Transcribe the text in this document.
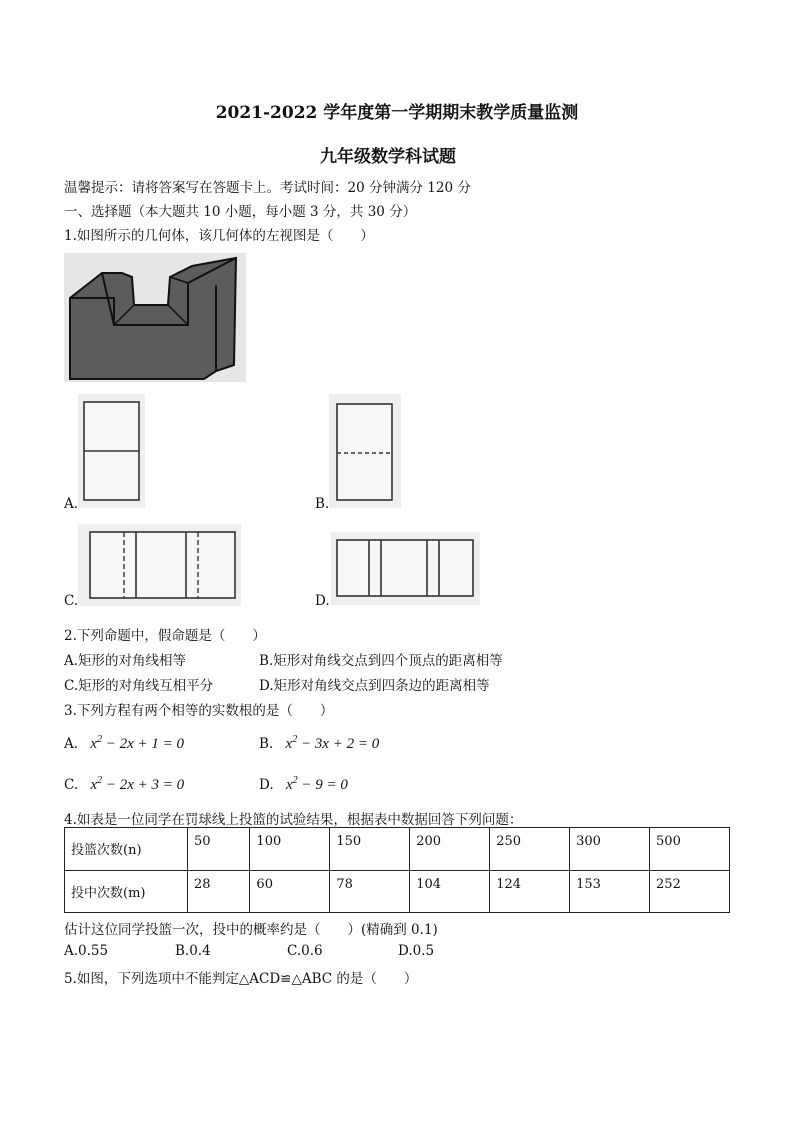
2021-2022 学年度第一学期期末教学质量监测
九年级数学科试题
温馨提示：请将答案写在答题卡上。考试时间：20 分钟满分 120 分
一、选择题（本大题共 10 小题，每小题 3 分，共 30 分）
1.如图所示的几何体，该几何体的左视图是（　　）
A.	B.
C.	D.
2.下列命题中，假命题是（　　）
A.矩形的对角线相等	B.矩形对角线交点到四个顶点的距离相等
C.矩形的对角线互相平分	D.矩形对角线交点到四条边的距离相等
3.下列方程有两个相等的实数根的是（　　）
A. $x^2 - 2x + 1 = 0$	B. $x^2 - 3x + 2 = 0$
C. $x^2 - 2x + 3 = 0$	D. $x^2 - 9 = 0$
4.如表是一位同学在罚球线上投篮的试验结果，根据表中数据回答下列问题：
投篮次数(n)	50	100	150	200	250	300	500
投中次数(m)	28	60	78	104	124	153	252
估计这位同学投篮一次，投中的概率约是（　　）(精确到 0.1)
A.0.55	B.0.4	C.0.6	D.0.5
5.如图，下列选项中不能判定△ACD≌△ABC 的是（　　）
